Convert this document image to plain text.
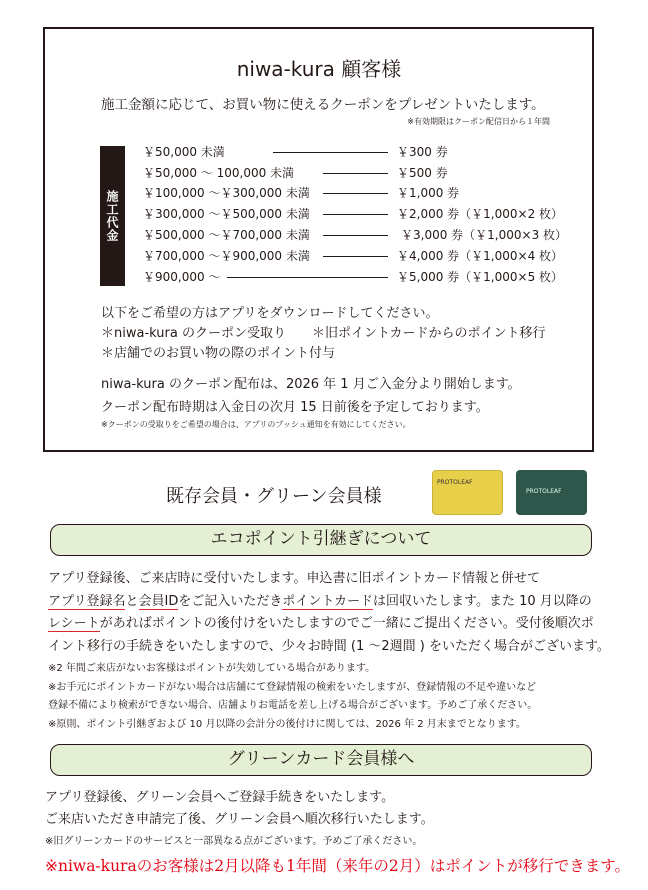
niwa-kura 顧客様
施工金額に応じて、お買い物に使えるクーポンをプレゼントいたします。
※有効期限はクーポン配信日から１年間
施工代金
￥50,000 未満	￥300 券
￥50,000 ～ 100,000 未満	￥500 券
￥100,000 ～￥300,000 未満	￥1,000 券
￥300,000 ～￥500,000 未満	￥2,000 券（￥1,000×2 枚）
￥500,000 ～￥700,000 未満	￥3,000 券（￥1,000×3 枚）
￥700,000 ～￥900,000 未満	￥4,000 券（￥1,000×4 枚）
￥900,000 ～	￥5,000 券（￥1,000×5 枚）
以下をご希望の方はアプリをダウンロードしてください。
＊niwa-kura のクーポン受取り　　＊旧ポイントカードからのポイント移行
＊店舗でのお買い物の際のポイント付与
niwa-kura のクーポン配布は、2026 年 1 月ご入金分より開始します。
クーポン配布時期は入金日の次月 15 日前後を予定しております。
※クーポンの受取りをご希望の場合は、アプリのプッシュ通知を有効にしてください。
既存会員・グリーン会員様
PROTOLEAF
PROTOLEAF
エコポイント引継ぎについて
アプリ登録後、ご来店時に受付いたします。申込書に旧ポイントカード情報と併せて
アプリ登録名と会員IDをご記入いただきポイントカードは回収いたします。また 10 月以降の
レシートがあればポイントの後付けをいたしますのでご一緒にご提出ください。受付後順次ポ
イント移行の手続きをいたしますので、少々お時間 (1 ～2週間 ) をいただく場合がございます。
※2 年間ご来店がないお客様はポイントが失効している場合があります。
※お手元にポイントカードがない場合は店舗にて登録情報の検索をいたしますが、登録情報の不足や違いなど
登録不備により検索ができない場合、店舗よりお電話を差し上げる場合がございます。予めご了承ください。
※原則、ポイント引継ぎおよび 10 月以降の会計分の後付けに関しては、2026 年 2 月末までとなります。
グリーンカード会員様へ
アプリ登録後、グリーン会員へご登録手続きをいたします。
ご来店いただき申請完了後、グリーン会員へ順次移行いたします。
※旧グリーンカードのサービスと一部異なる点がございます。予めご了承ください。
※niwa-kuraのお客様は2月以降も1年間（来年の2月）はポイントが移行できます。
